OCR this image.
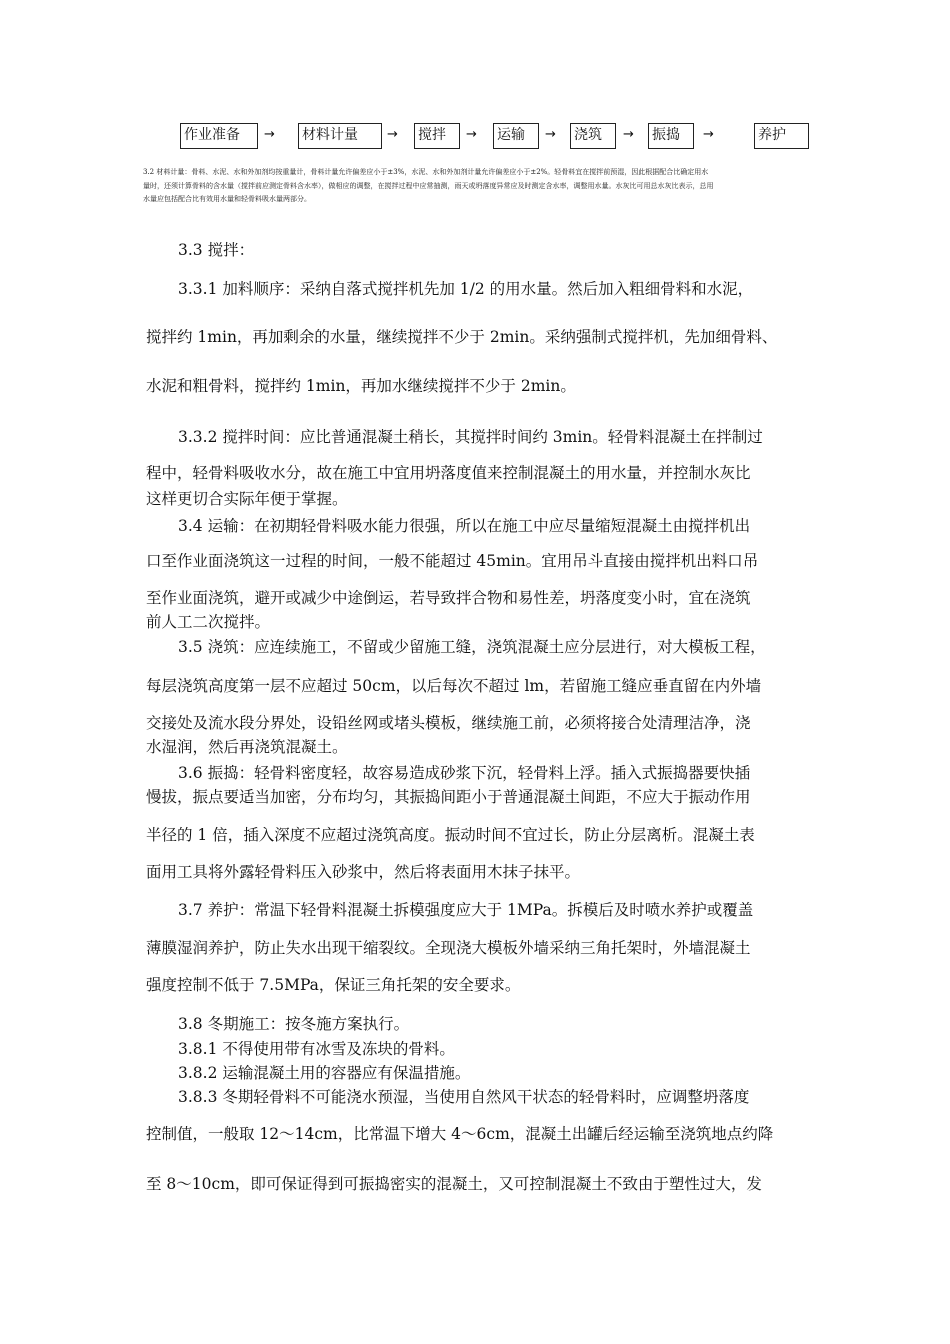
作业准备	→ 材料计量	→ 搅拌	→ 运输	→ 浇筑	→ 振捣	→	养护

3.2 材料计量：骨料、水泥、水和外加剂均按重量计，骨料计量允许偏差应小于±3%，水泥、水和外加剂计量允许偏差应小于±2%。轻骨料宜在搅拌前预湿，因此根据配合比确定用水

量时，还须计算骨料的含水量（搅拌前应测定骨料含水率），做相应的调整，在搅拌过程中应常抽测，雨天或坍落度异常应及时测定含水率，调整用水量。水灰比可用总水灰比表示，总用

水量应包括配合比有效用水量和轻骨料吸水量两部分。

3.3 搅拌：
3.3.1 加料顺序：采纳自落式搅拌机先加 1/2 的用水量。然后加入粗细骨料和水泥，
搅拌约 1min，再加剩余的水量，继续搅拌不少于 2min。采纳强制式搅拌机，先加细骨料、
水泥和粗骨料，搅拌约 1min，再加水继续搅拌不少于 2min。
3.3.2 搅拌时间：应比普通混凝土稍长，其搅拌时间约 3min。轻骨料混凝土在拌制过
程中，轻骨料吸收水分，故在施工中宜用坍落度值来控制混凝土的用水量，并控制水灰比
这样更切合实际年便于掌握。
3.4 运输：在初期轻骨料吸水能力很强，所以在施工中应尽量缩短混凝土由搅拌机出
口至作业面浇筑这一过程的时间，一般不能超过 45min。宜用吊斗直接由搅拌机出料口吊
至作业面浇筑，避开或减少中途倒运，若导致拌合物和易性差，坍落度变小时，宜在浇筑
前人工二次搅拌。
3.5 浇筑：应连续施工，不留或少留施工缝，浇筑混凝土应分层进行，对大模板工程，
每层浇筑高度第一层不应超过 50cm，以后每次不超过 lm，若留施工缝应垂直留在内外墙
交接处及流水段分界处，设铅丝网或堵头模板，继续施工前，必须将接合处清理洁净，浇
水湿润，然后再浇筑混凝土。
3.6 振捣：轻骨料密度轻，故容易造成砂浆下沉，轻骨料上浮。插入式振捣器要快插
慢拔，振点要适当加密，分布均匀，其振捣间距小于普通混凝土间距，不应大于振动作用
半径的 1 倍，插入深度不应超过浇筑高度。振动时间不宜过长，防止分层离析。混凝土表
面用工具将外露轻骨料压入砂浆中，然后将表面用木抹子抹平。
3.7 养护：常温下轻骨料混凝土拆模强度应大于 1MPa。拆模后及时喷水养护或覆盖
薄膜湿润养护，防止失水出现干缩裂纹。全现浇大模板外墙采纳三角托架时，外墙混凝土
强度控制不低于 7.5MPa，保证三角托架的安全要求。
3.8 冬期施工：按冬施方案执行。
3.8.1 不得使用带有冰雪及冻块的骨料。
3.8.2 运输混凝土用的容器应有保温措施。
3.8.3 冬期轻骨料不可能浇水预湿，当使用自然风干状态的轻骨料时，应调整坍落度
控制值，一般取 12～14cm，比常温下增大 4～6cm，混凝土出罐后经运输至浇筑地点约降
至 8～10cm，即可保证得到可振捣密实的混凝土，又可控制混凝土不致由于塑性过大，发
